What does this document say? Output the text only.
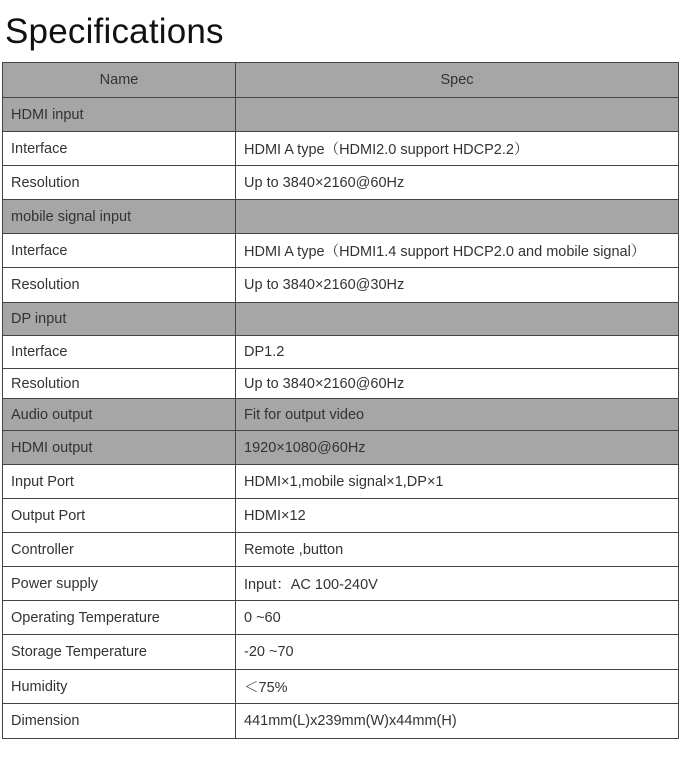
Specifications
Name	Spec
HDMI input	
Interface	HDMI A type（HDMI2.0 support HDCP2.2）
Resolution	Up to 3840×2160@60Hz
mobile signal input	
Interface	HDMI A type（HDMI1.4 support HDCP2.0 and mobile signal）
Resolution	Up to 3840×2160@30Hz
DP input	
Interface	DP1.2
Resolution	Up to 3840×2160@60Hz
Audio output	Fit for output video
HDMI output	1920×1080@60Hz
Input Port	HDMI×1,mobile signal×1,DP×1
Output Port	HDMI×12
Controller	Remote ,button
Power supply	Input：AC 100-240V
Operating Temperature	0 ~60
Storage Temperature	-20 ~70
Humidity	＜75%
Dimension	441mm(L)x239mm(W)x44mm(H)
